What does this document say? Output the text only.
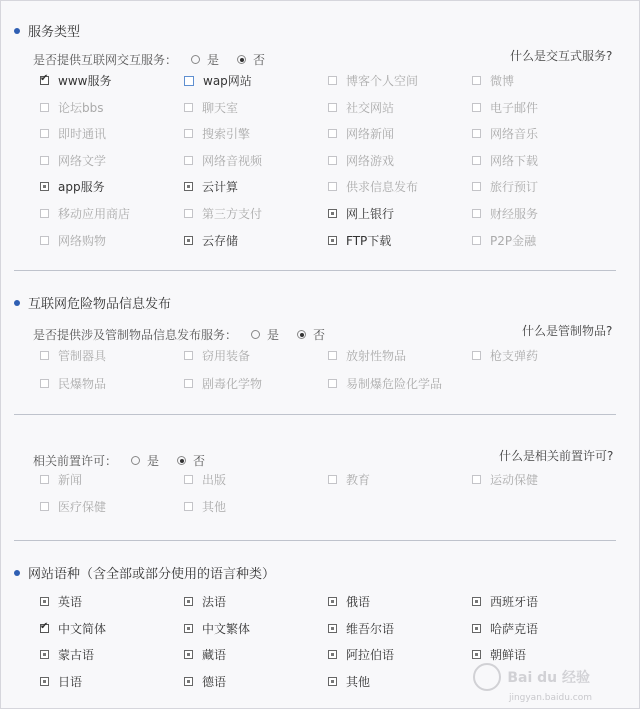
服务类型
是否提供互联网交互服务：	是	否	什么是交互式服务?
✔
www服务	wap网站	博客个人空间	微博
论坛bbs	聊天室	社交网站	电子邮件
即时通讯	搜索引擎	网络新闻	网络音乐
网络文学	网络音视频	网络游戏	网络下载
app服务	云计算	供求信息发布	旅行预订
移动应用商店	第三方支付	网上银行	财经服务
网络购物	云存储	FTP下载	P2P金融
互联网危险物品信息发布
是否提供涉及管制物品信息发布服务：	是	否	什么是管制物品?
管制器具	窃用装备	放射性物品	枪支弹药
民爆物品	剧毒化学物	易制爆危险化学品
相关前置许可：	是	否	什么是相关前置许可?
新闻	出版	教育	运动保健
医疗保健	其他
网站语种（含全部或部分使用的语言种类）
英语	法语	俄语	西班牙语
✔
中文简体	中文繁体	维吾尔语	哈萨克语
蒙古语	藏语	阿拉伯语	朝鲜语
日语	德语	其他	Bai du 经验
jingyan.baidu.com
